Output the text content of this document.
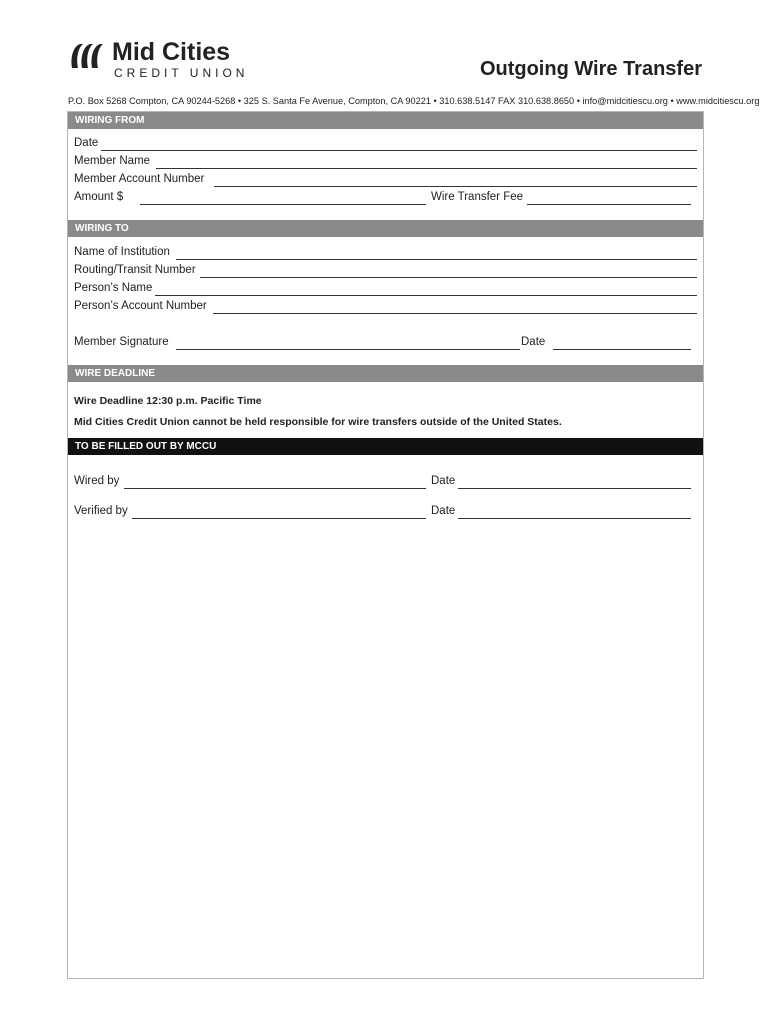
Mid Cities
CREDIT UNION	Outgoing Wire Transfer
P.O. Box 5268 Compton, CA 90244-5268 • 325 S. Santa Fe Avenue, Compton, CA 90221 • 310.638.5147 FAX 310.638.8650 • info@midcitiescu.org • www.midcitiescu.org
WIRING FROM
Date
Member Name
Member Account Number
Amount $	Wire Transfer Fee
WIRING TO
Name of Institution
Routing/Transit Number
Person’s Name
Person’s Account Number
Member Signature	Date
WIRE DEADLINE
Wire Deadline 12:30 p.m. Pacific Time
Mid Cities Credit Union cannot be held responsible for wire transfers outside of the United States.
TO BE FILLED OUT BY MCCU
Wired by	Date
Verified by	Date
